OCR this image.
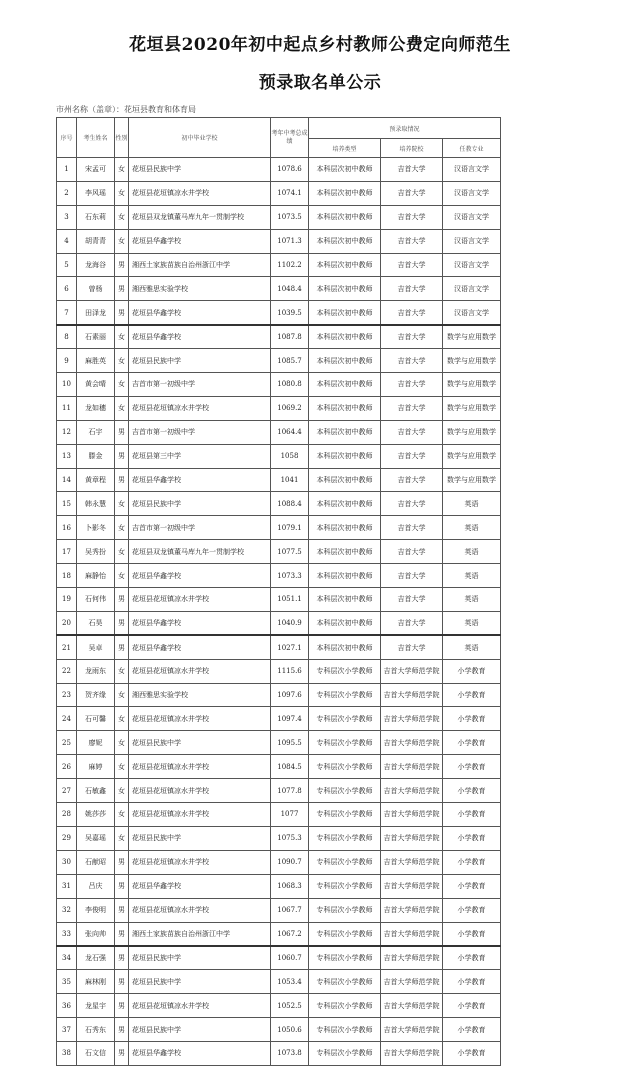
花垣县2020年初中起点乡村教师公费定向师范生
预录取名单公示
市州名称（盖章）：花垣县教育和体育局
序号	考生姓名	性别	初中毕业学校	考年中考总成绩	预录取情况		
					培养类型	培养院校	任教专业
1	宋孟可	女	花垣县民族中学	1078.6	本科层次初中教师	吉首大学	汉语言文学
2	李风瑶	女	花垣县花垣镇凉水井学校	1074.1	本科层次初中教师	吉首大学	汉语言文学
3	石东莉	女	花垣县双龙镇董马库九年一贯制学校	1073.5	本科层次初中教师	吉首大学	汉语言文学
4	胡青青	女	花垣县华鑫学校	1071.3	本科层次初中教师	吉首大学	汉语言文学
5	龙海谷	男	湘西土家族苗族自治州浙江中学	1102.2	本科层次初中教师	吉首大学	汉语言文学
6	曾杨	男	湘西雅思实验学校	1048.4	本科层次初中教师	吉首大学	汉语言文学
7	田泽龙	男	花垣县华鑫学校	1039.5	本科层次初中教师	吉首大学	汉语言文学
8	石素丽	女	花垣县华鑫学校	1087.8	本科层次初中教师	吉首大学	数学与应用数学
9	麻胜英	女	花垣县民族中学	1085.7	本科层次初中教师	吉首大学	数学与应用数学
10	黄会晴	女	吉首市第一初级中学	1080.8	本科层次初中教师	吉首大学	数学与应用数学
11	龙如穗	女	花垣县花垣镇凉水井学校	1069.2	本科层次初中教师	吉首大学	数学与应用数学
12	石宇	男	吉首市第一初级中学	1064.4	本科层次初中教师	吉首大学	数学与应用数学
13	滕金	男	花垣县第三中学	1058	本科层次初中教师	吉首大学	数学与应用数学
14	黄章程	男	花垣县华鑫学校	1041	本科层次初中教师	吉首大学	数学与应用数学
15	韩永慧	女	花垣县民族中学	1088.4	本科层次初中教师	吉首大学	英语
16	卜影冬	女	吉首市第一初级中学	1079.1	本科层次初中教师	吉首大学	英语
17	吴秀扮	女	花垣县双龙镇董马库九年一贯制学校	1077.5	本科层次初中教师	吉首大学	英语
18	麻静怡	女	花垣县华鑫学校	1073.3	本科层次初中教师	吉首大学	英语
19	石何伟	男	花垣县花垣镇凉水井学校	1051.1	本科层次初中教师	吉首大学	英语
20	石昊	男	花垣县华鑫学校	1040.9	本科层次初中教师	吉首大学	英语
21	吴卓	男	花垣县华鑫学校	1027.1	本科层次初中教师	吉首大学	英语
22	龙雨东	女	花垣县花垣镇凉水井学校	1115.6	专科层次小学教师	吉首大学师范学院	小学教育
23	贺齐缘	女	湘西雅思实验学校	1097.6	专科层次小学教师	吉首大学师范学院	小学教育
24	石可馨	女	花垣县花垣镇凉水井学校	1097.4	专科层次小学教师	吉首大学师范学院	小学教育
25	廖妮	女	花垣县民族中学	1095.5	专科层次小学教师	吉首大学师范学院	小学教育
26	麻婷	女	花垣县花垣镇凉水井学校	1084.5	专科层次小学教师	吉首大学师范学院	小学教育
27	石敏鑫	女	花垣县花垣镇凉水井学校	1077.8	专科层次小学教师	吉首大学师范学院	小学教育
28	姚莎莎	女	花垣县花垣镇凉水井学校	1077	专科层次小学教师	吉首大学师范学院	小学教育
29	吴嘉瑶	女	花垣县民族中学	1075.3	专科层次小学教师	吉首大学师范学院	小学教育
30	石献昭	男	花垣县花垣镇凉水井学校	1090.7	专科层次小学教师	吉首大学师范学院	小学教育
31	吕庆	男	花垣县华鑫学校	1068.3	专科层次小学教师	吉首大学师范学院	小学教育
32	李俊明	男	花垣县花垣镇凉水井学校	1067.7	专科层次小学教师	吉首大学师范学院	小学教育
33	张向帅	男	湘西土家族苗族自治州浙江中学	1067.2	专科层次小学教师	吉首大学师范学院	小学教育
34	龙石强	男	花垣县民族中学	1060.7	专科层次小学教师	吉首大学师范学院	小学教育
35	麻林刚	男	花垣县民族中学	1053.4	专科层次小学教师	吉首大学师范学院	小学教育
36	龙星宇	男	花垣县花垣镇凉水井学校	1052.5	专科层次小学教师	吉首大学师范学院	小学教育
37	石秀东	男	花垣县民族中学	1050.6	专科层次小学教师	吉首大学师范学院	小学教育
38	石文信	男	花垣县华鑫学校	1073.8	专科层次小学教师	吉首大学师范学院	小学教育
